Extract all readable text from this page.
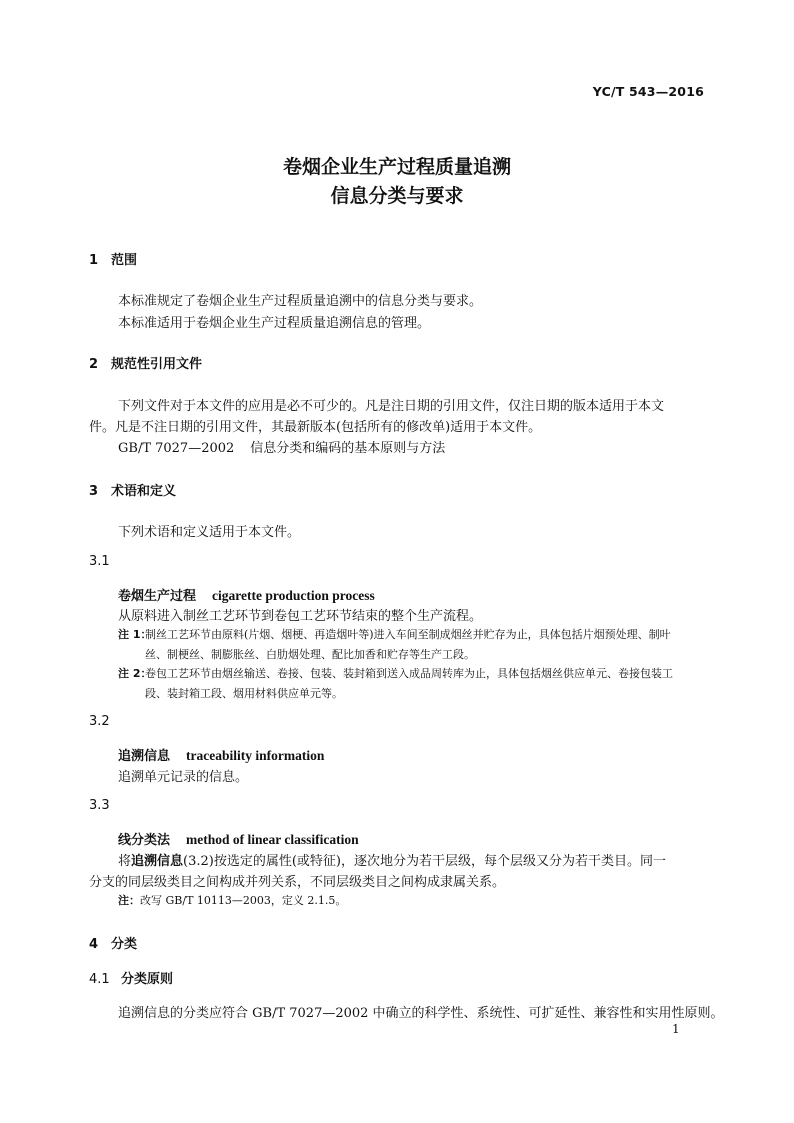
YC/T 543—2016
卷烟企业生产过程质量追溯
信息分类与要求
1 范围
本标准规定了卷烟企业生产过程质量追溯中的信息分类与要求。
本标准适用于卷烟企业生产过程质量追溯信息的管理。
2 规范性引用文件
下列文件对于本文件的应用是必不可少的。凡是注日期的引用文件，仅注日期的版本适用于本文
件。凡是不注日期的引用文件，其最新版本(包括所有的修改单)适用于本文件。
GB/T 7027—2002 信息分类和编码的基本原则与方法
3 术语和定义
下列术语和定义适用于本文件。
3.1
卷烟生产过程 cigarette production process
从原料进入制丝工艺环节到卷包工艺环节结束的整个生产流程。
注 1：
制丝工艺环节由原料(片烟、烟梗、再造烟叶等)进入车间至制成烟丝并贮存为止，具体包括片烟预处理、制叶
丝、制梗丝、制膨胀丝、白肋烟处理、配比加香和贮存等生产工段。
注 2：
卷包工艺环节由烟丝输送、卷接、包装、装封箱到送入成品周转库为止，具体包括烟丝供应单元、卷接包装工
段、装封箱工段、烟用材料供应单元等。
3.2
追溯信息 traceability information
追溯单元记录的信息。
3.3
线分类法 method of linear classification
将追溯信息(3.2)按选定的属性(或特征)，逐次地分为若干层级，每个层级又分为若干类目。同一
分支的同层级类目之间构成并列关系，不同层级类目之间构成隶属关系。
注：改写 GB/T 10113—2003，定义 2.1.5。
4 分类
4.1 分类原则
追溯信息的分类应符合 GB/T 7027—2002 中确立的科学性、系统性、可扩延性、兼容性和实用性原则。
1
